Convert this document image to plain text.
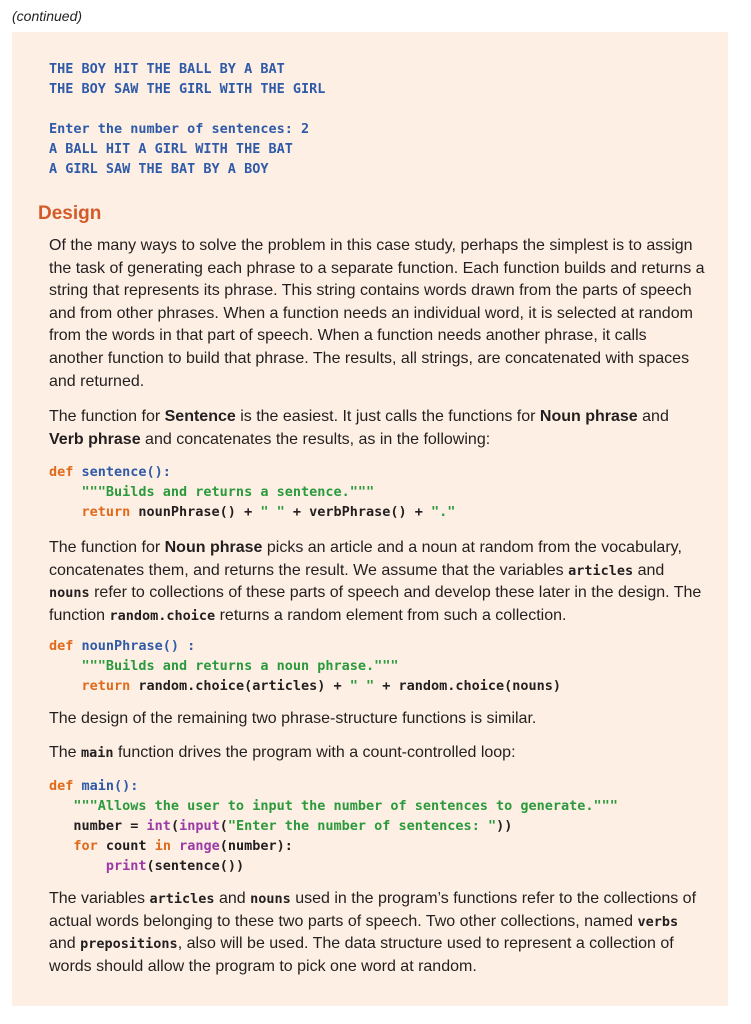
(continued)
THE BOY HIT THE BALL BY A BAT
THE BOY SAW THE GIRL WITH THE GIRL
Enter the number of sentences: 2
A BALL HIT A GIRL WITH THE BAT
A GIRL SAW THE BAT BY A BOY
Design
Of the many ways to solve the problem in this case study, perhaps the simplest is to assign the task of generating each phrase to a separate function. Each function builds and returns a string that represents its phrase. This string contains words drawn from the parts of speech and from other phrases. When a function needs an individual word, it is selected at random from the words in that part of speech. When a function needs another phrase, it calls another function to build that phrase. The results, all strings, are concatenated with spaces and returned.
The function for Sentence is the easiest. It just calls the functions for Noun phrase and Verb phrase and concatenates the results, as in the following:
def sentence():
"""Builds and returns a sentence."""
return nounPhrase() + " " + verbPhrase() + "."
The function for Noun phrase picks an article and a noun at random from the vocabulary, concatenates them, and returns the result. We assume that the variables articles and nouns refer to collections of these parts of speech and develop these later in the design. The function random.choice returns a random element from such a collection.
def nounPhrase() :
"""Builds and returns a noun phrase."""
return random.choice(articles) + " " + random.choice(nouns)
The design of the remaining two phrase-structure functions is similar.
The main function drives the program with a count-controlled loop:
def main():
"""Allows the user to input the number of sentences to generate."""
number = int(input("Enter the number of sentences: "))
for count in range(number):
print(sentence())
The variables articles and nouns used in the program’s functions refer to the collections of actual words belonging to these two parts of speech. Two other collections, named verbs and prepositions, also will be used. The data structure used to represent a collection of words should allow the program to pick one word at random.
